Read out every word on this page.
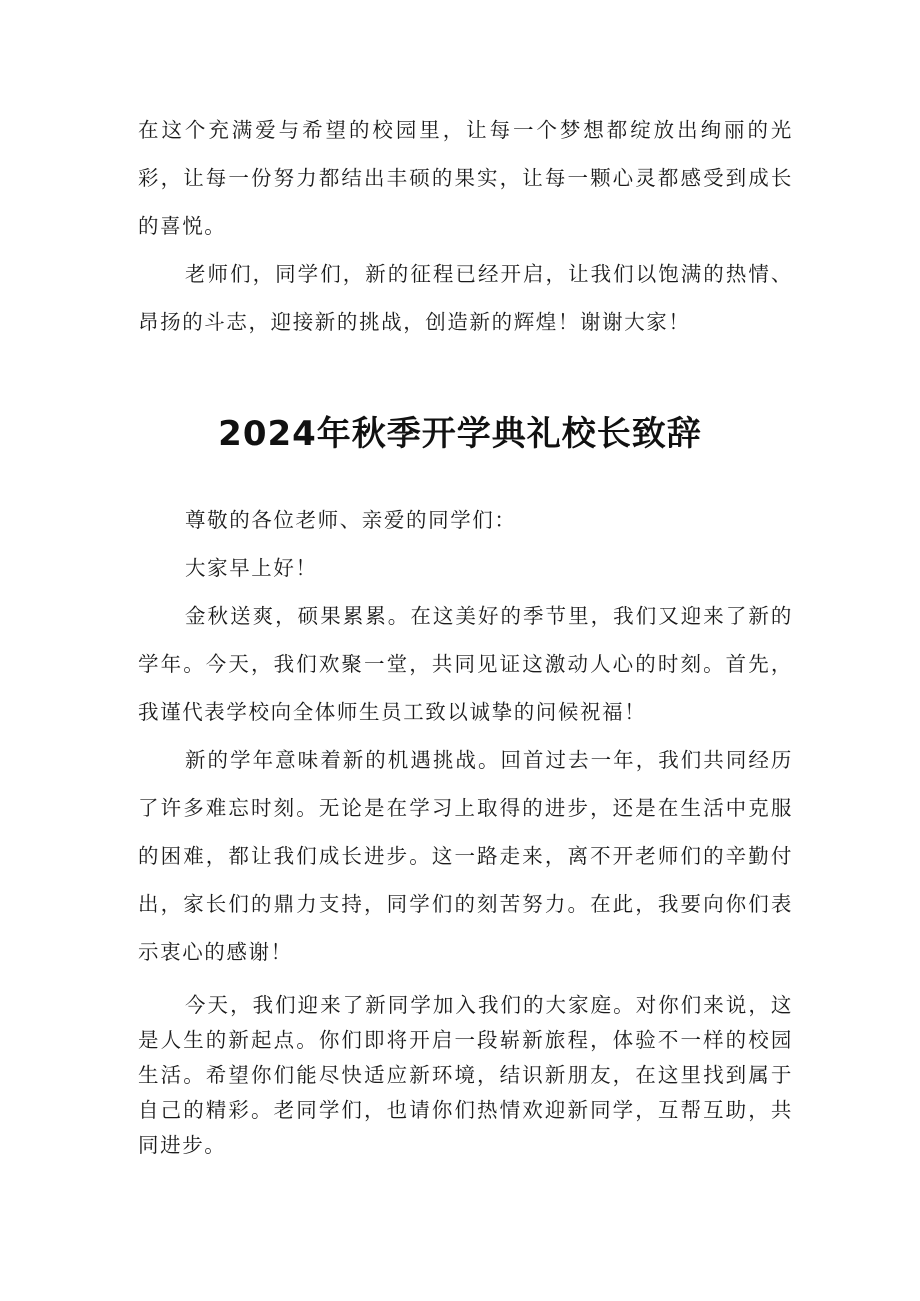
在这个充满爱与希望的校园里，让每一个梦想都绽放出绚丽的光彩，让每一份努力都结出丰硕的果实，让每一颗心灵都感受到成长的喜悦。

老师们，同学们，新的征程已经开启，让我们以饱满的热情、昂扬的斗志，迎接新的挑战，创造新的辉煌！谢谢大家！

2024年秋季开学典礼校长致辞

尊敬的各位老师、亲爱的同学们：

大家早上好！

金秋送爽，硕果累累。在这美好的季节里，我们又迎来了新的学年。今天，我们欢聚一堂，共同见证这激动人心的时刻。首先，我谨代表学校向全体师生员工致以诚挚的问候祝福！

新的学年意味着新的机遇挑战。回首过去一年，我们共同经历了许多难忘时刻。无论是在学习上取得的进步，还是在生活中克服的困难，都让我们成长进步。这一路走来，离不开老师们的辛勤付出，家长们的鼎力支持，同学们的刻苦努力。在此，我要向你们表示衷心的感谢！

今天，我们迎来了新同学加入我们的大家庭。对你们来说，这是人生的新起点。你们即将开启一段崭新旅程，体验不一样的校园生活。希望你们能尽快适应新环境，结识新朋友，在这里找到属于自己的精彩。老同学们，也请你们热情欢迎新同学，互帮互助，共同进步。
